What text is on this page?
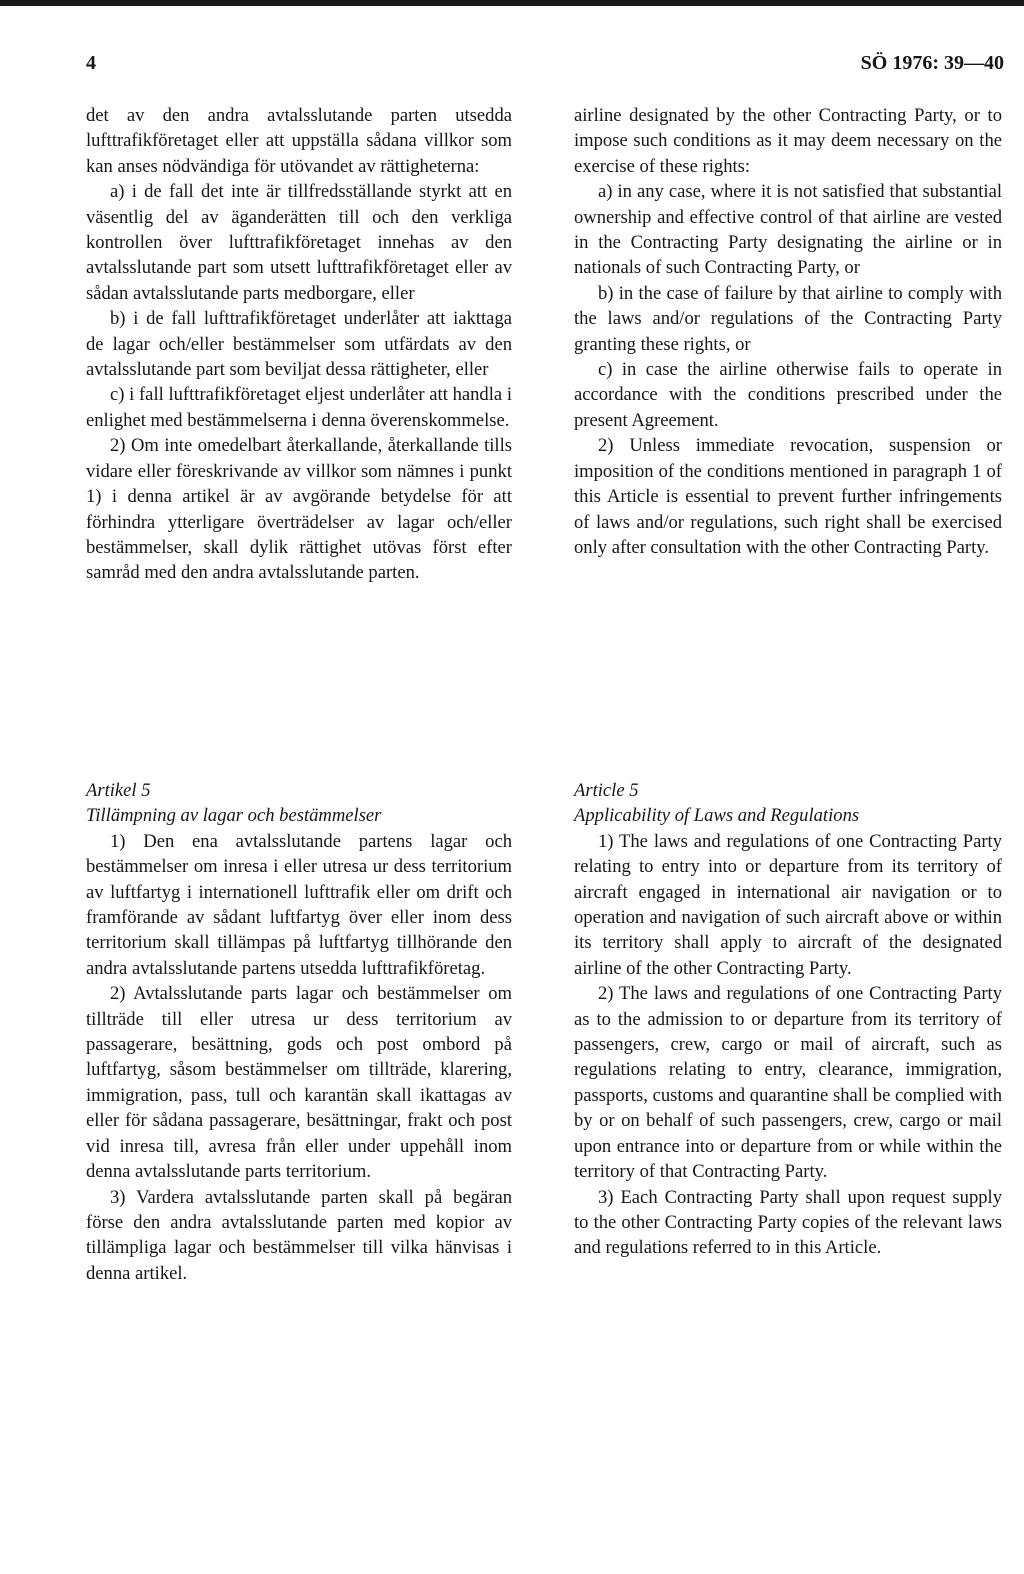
4	SÖ 1976: 39—40

det av den andra avtalsslutande parten utsedda lufttrafikföretaget eller att uppställa sådana villkor som kan anses nödvändiga för utövandet av rättigheterna:

a) i de fall det inte är tillfredsställande styrkt att en väsentlig del av äganderätten till och den verkliga kontrollen över lufttrafikföretaget innehas av den avtalsslutande part som utsett lufttrafikföretaget eller av sådan avtalsslutande parts medborgare, eller

b) i de fall lufttrafikföretaget underlåter att iakttaga de lagar och/eller bestämmelser som utfärdats av den avtalsslutande part som beviljat dessa rättigheter, eller

c) i fall lufttrafikföretaget eljest underlåter att handla i enlighet med bestämmelserna i denna överenskommelse.

2) Om inte omedelbart återkallande, återkallande tills vidare eller föreskrivande av villkor som nämnes i punkt 1) i denna artikel är av avgörande betydelse för att förhindra ytterligare överträdelser av lagar och/eller bestämmelser, skall dylik rättighet utövas först efter samråd med den andra avtalsslutande parten.

airline designated by the other Contracting Party, or to impose such conditions as it may deem necessary on the exercise of these rights:

a) in any case, where it is not satisfied that substantial ownership and effective control of that airline are vested in the Contracting Party designating the airline or in nationals of such Contracting Party, or

b) in the case of failure by that airline to comply with the laws and/or regulations of the Contracting Party granting these rights, or

c) in case the airline otherwise fails to operate in accordance with the conditions prescribed under the present Agreement.

2) Unless immediate revocation, suspension or imposition of the conditions mentioned in paragraph 1 of this Article is essential to prevent further infringements of laws and/or regulations, such right shall be exercised only after consultation with the other Contracting Party.

Artikel 5

Tillämpning av lagar och bestämmelser

1) Den ena avtalsslutande partens lagar och bestämmelser om inresa i eller utresa ur dess territorium av luftfartyg i internationell lufttrafik eller om drift och framförande av sådant luftfartyg över eller inom dess territorium skall tillämpas på luftfartyg tillhörande den andra avtalsslutande partens utsedda lufttrafikföretag.

2) Avtalsslutande parts lagar och bestämmelser om tillträde till eller utresa ur dess territorium av passagerare, besättning, gods och post ombord på luftfartyg, såsom bestämmelser om tillträde, klarering, immigration, pass, tull och karantän skall ikattagas av eller för sådana passagerare, besättningar, frakt och post vid inresa till, avresa från eller under uppehåll inom denna avtalsslutande parts territorium.

3) Vardera avtalsslutande parten skall på begäran förse den andra avtalsslutande parten med kopior av tillämpliga lagar och bestämmelser till vilka hänvisas i denna artikel.

Article 5

Applicability of Laws and Regulations

1) The laws and regulations of one Contracting Party relating to entry into or departure from its territory of aircraft engaged in international air navigation or to operation and navigation of such aircraft above or within its territory shall apply to aircraft of the designated airline of the other Contracting Party.

2) The laws and regulations of one Contracting Party as to the admission to or departure from its territory of passengers, crew, cargo or mail of aircraft, such as regulations relating to entry, clearance, immigration, passports, customs and quarantine shall be complied with by or on behalf of such passengers, crew, cargo or mail upon entrance into or departure from or while within the territory of that Contracting Party.

3) Each Contracting Party shall upon request supply to the other Contracting Party copies of the relevant laws and regulations referred to in this Article.
